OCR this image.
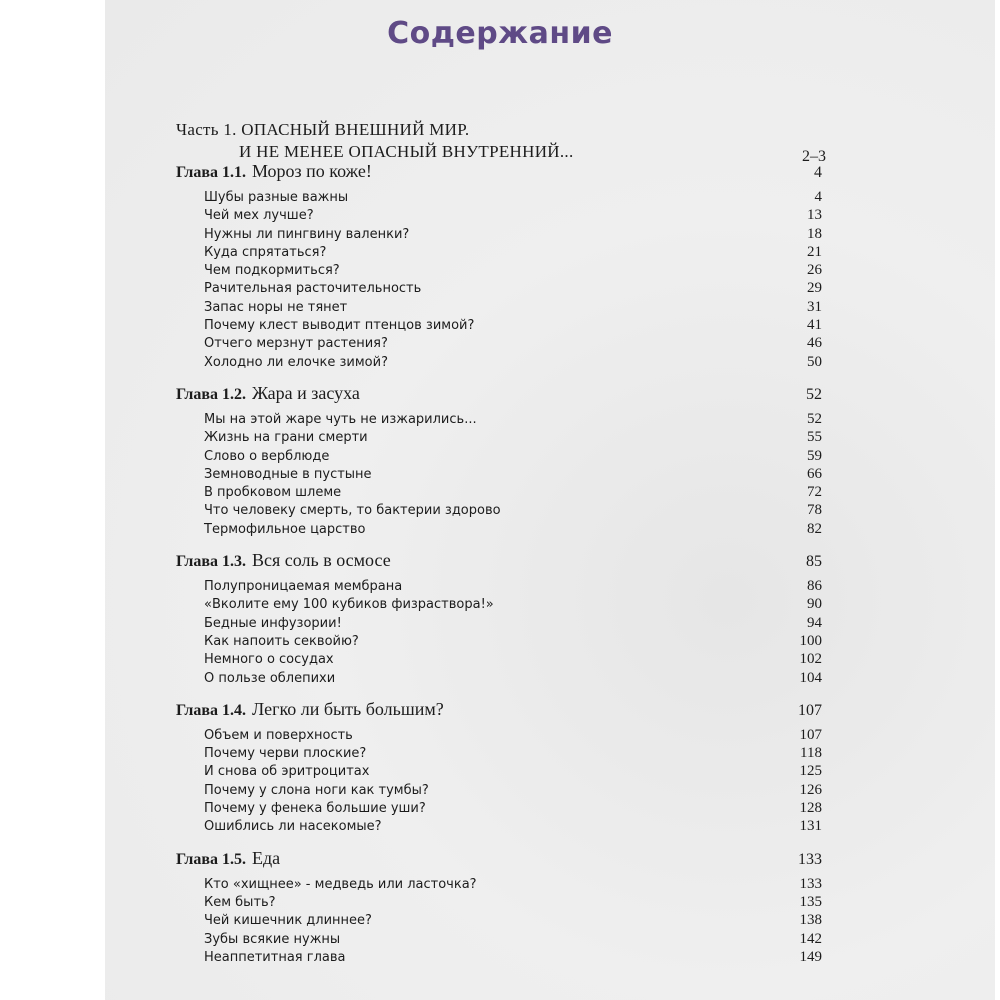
Содержание
Часть 1. ОПАСНЫЙ ВНЕШНИЙ МИР.
И НЕ МЕНЕЕ ОПАСНЫЙ ВНУТРЕННИЙ...	2–3
Глава 1.1. Мороз по коже!	4
Шубы разные важны	4
Чей мех лучше?	13
Нужны ли пингвину валенки?	18
Куда спрятаться?	21
Чем подкормиться?	26
Рачительная расточительность	29
Запас норы не тянет	31
Почему клест выводит птенцов зимой?	41
Отчего мерзнут растения?	46
Холодно ли елочке зимой?	50
Глава 1.2. Жара и засуха	52
Мы на этой жаре чуть не изжарились...	52
Жизнь на грани смерти	55
Слово о верблюде	59
Земноводные в пустыне	66
В пробковом шлеме	72
Что человеку смерть, то бактерии здорово	78
Термофильное царство	82
Глава 1.3. Вся соль в осмосе	85
Полупроницаемая мембрана	86
«Вколите ему 100 кубиков физраствора!»	90
Бедные инфузории!	94
Как напоить секвойю?	100
Немного о сосудах	102
О пользе облепихи	104
Глава 1.4. Легко ли быть большим?	107
Объем и поверхность	107
Почему черви плоские?	118
И снова об эритроцитах	125
Почему у слона ноги как тумбы?	126
Почему у фенека большие уши?	128
Ошиблись ли насекомые?	131
Глава 1.5. Еда	133
Кто «хищнее» - медведь или ласточка?	133
Кем быть?	135
Чей кишечник длиннее?	138
Зубы всякие нужны	142
Неаппетитная глава	149
